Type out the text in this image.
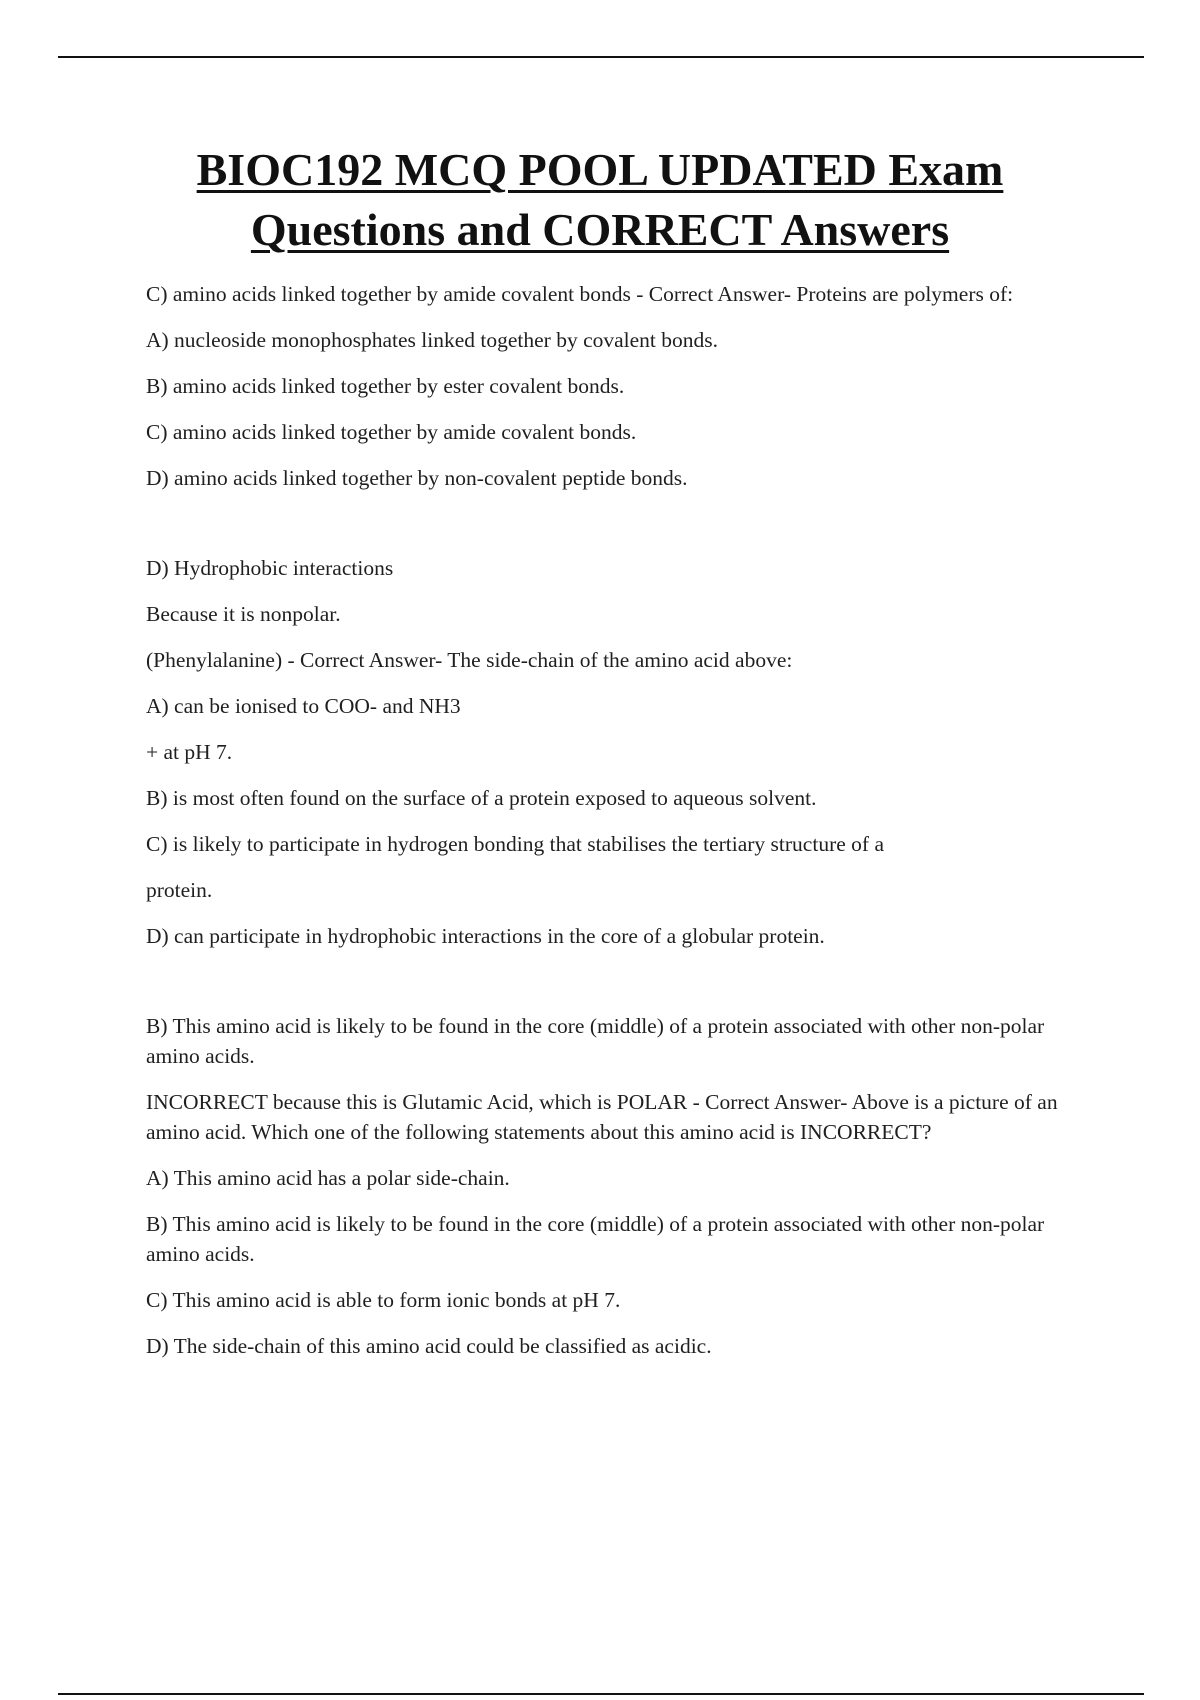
BIOC192 MCQ POOL UPDATED Exam
Questions and CORRECT Answers

C) amino acids linked together by amide covalent bonds - Correct Answer- Proteins are polymers of:

A) nucleoside monophosphates linked together by covalent bonds.

B) amino acids linked together by ester covalent bonds.

C) amino acids linked together by amide covalent bonds.

D) amino acids linked together by non-covalent peptide bonds.

D) Hydrophobic interactions

Because it is nonpolar.

(Phenylalanine) - Correct Answer- The side-chain of the amino acid above:

A) can be ionised to COO- and NH3

+ at pH 7.

B) is most often found on the surface of a protein exposed to aqueous solvent.

C) is likely to participate in hydrogen bonding that stabilises the tertiary structure of a

protein.

D) can participate in hydrophobic interactions in the core of a globular protein.

B) This amino acid is likely to be found in the core (middle) of a protein associated with other non-polar amino acids.

INCORRECT because this is Glutamic Acid, which is POLAR - Correct Answer- Above is a picture of an amino acid. Which one of the following statements about this amino acid is INCORRECT?

A) This amino acid has a polar side-chain.

B) This amino acid is likely to be found in the core (middle) of a protein associated with other non-polar amino acids.

C) This amino acid is able to form ionic bonds at pH 7.

D) The side-chain of this amino acid could be classified as acidic.
